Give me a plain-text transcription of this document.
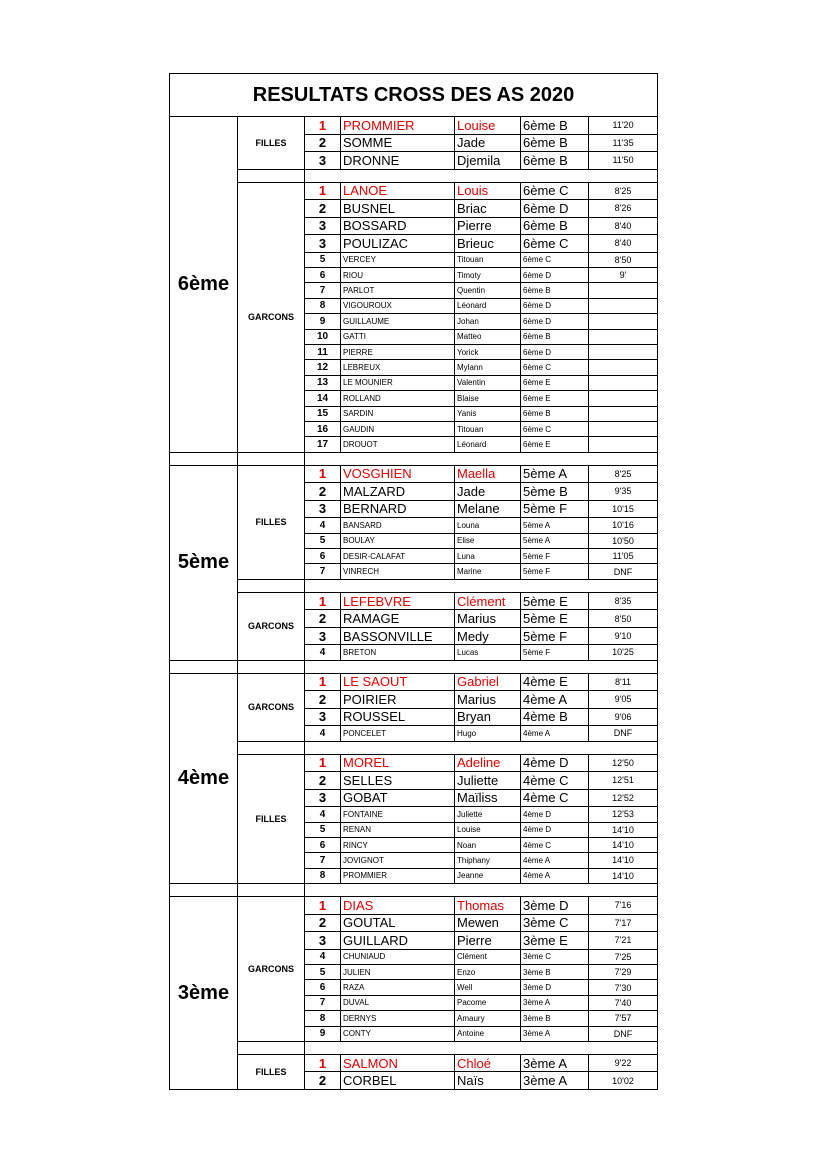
RESULTATS CROSS DES AS 2020						
6ème	FILLES	1	PROMMIER	Louise	6ème B	11'20
		2	SOMME	Jade	6ème B	11'35
		3	DRONNE	Djemila	6ème B	11'50

	GARCONS	1	LANOE	Louis	6ème C	8'25
		2	BUSNEL	Briac	6ème D	8'26
		3	BOSSARD	Pierre	6ème B	8'40
		3	POULIZAC	Brieuc	6ème C	8'40
		5	VERCEY	Titouan	6ème C	8'50
		6	RIOU	Timoty	6ème D	9'
		7	PARLOT	Quentin	6ème B	
		8	VIGOUROUX	Léonard	6ème D	
		9	GUILLAUME	Johan	6ème D	
		10	GATTI	Matteo	6ème B	
		11	PIERRE	Yorick	6ème D	
		12	LEBREUX	Mylann	6ème C	
		13	LE MOUNIER	Valentin	6ème E	
		14	ROLLAND	Blaise	6ème E	
		15	SARDIN	Yanis	6ème B	
		16	GAUDIN	Titouan	6ème C	
		17	DROUOT	Léonard	6ème E	

5ème	FILLES	1	VOSGHIEN	Maella	5ème A	8'25
		2	MALZARD	Jade	5ème B	9'35
		3	BERNARD	Melane	5ème F	10'15
		4	BANSARD	Louna	5ème A	10'16
		5	BOULAY	Elise	5ème A	10'50
		6	DESIR-CALAFAT	Luna	5ème F	11'05
		7	VINRECH	Marine	5ème F	DNF

	GARCONS	1	LEFEBVRE	Clément	5ème E	8'35
		2	RAMAGE	Marius	5ème E	8'50
		3	BASSONVILLE	Medy	5ème F	9'10
		4	BRETON	Lucas	5ème F	10'25

4ème	GARCONS	1	LE SAOUT	Gabriel	4ème E	8'11
		2	POIRIER	Marius	4ème A	9'05
		3	ROUSSEL	Bryan	4ème B	9'06
		4	PONCELET	Hugo	4ème A	DNF

	FILLES	1	MOREL	Adeline	4ème D	12'50
		2	SELLES	Juliette	4ème C	12'51
		3	GOBAT	Maïliss	4ème C	12'52
		4	FONTAINE	Juliette	4ème D	12'53
		5	RENAN	Louise	4ème D	14'10
		6	RINCY	Noan	4ème C	14'10
		7	JOVIGNOT	Thiphany	4ème A	14'10
		8	PROMMIER	Jeanne	4ème A	14'10

3ème	GARCONS	1	DIAS	Thomas	3ème D	7'16
		2	GOUTAL	Mewen	3ème C	7'17
		3	GUILLARD	Pierre	3ème E	7'21
		4	CHUNIAUD	Clément	3ème C	7'25
		5	JULIEN	Enzo	3ème B	7'29
		6	RAZA	Well	3ème D	7'30
		7	DUVAL	Pacome	3ème A	7'40
		8	DERNYS	Amaury	3ème B	7'57
		9	CONTY	Antoine	3ème A	DNF

	FILLES	1	SALMON	Chloé	3ème A	9'22
		2	CORBEL	Naïs	3ème A	10'02
